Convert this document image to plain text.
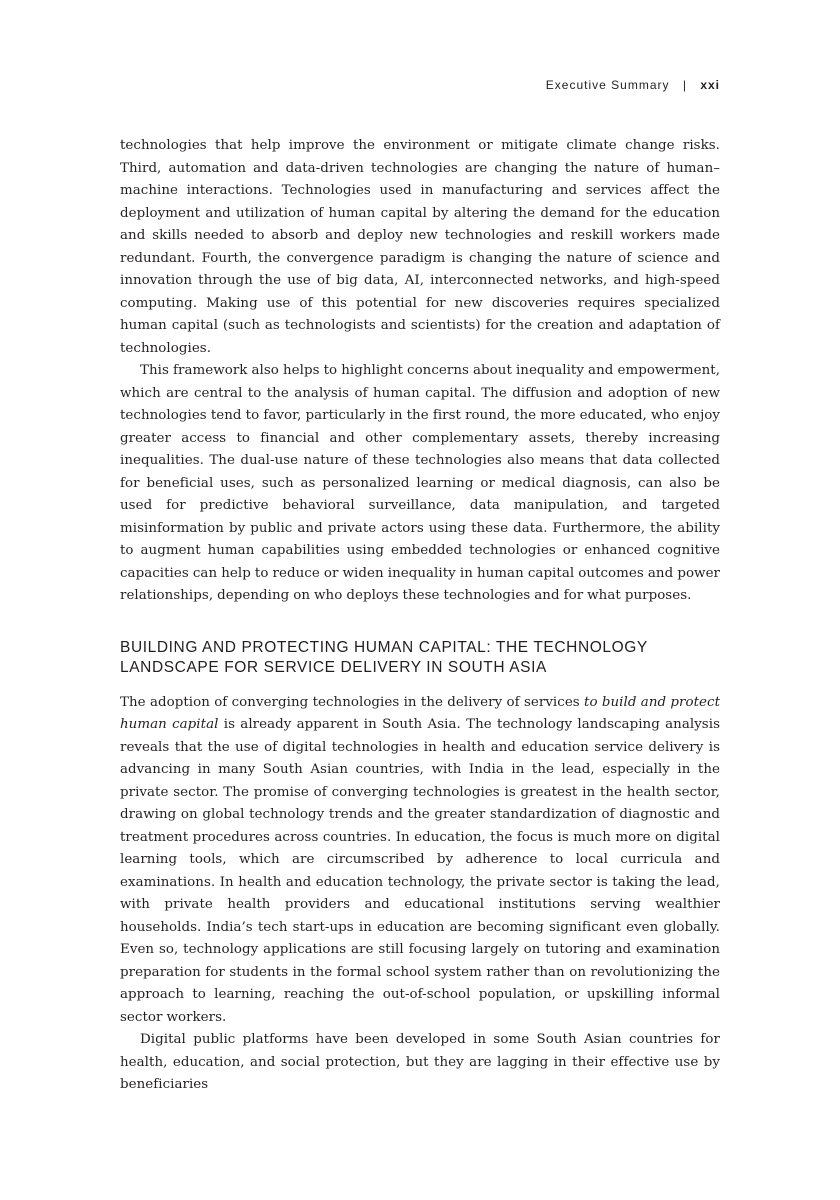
Executive Summary | xxi

technologies that help improve the environment or mitigate climate change risks. Third, automation and data-driven technologies are changing the nature of human–machine interactions. Technologies used in manufacturing and services affect the deployment and utilization of human capital by altering the demand for the education and skills needed to absorb and deploy new technologies and reskill workers made redundant. Fourth, the convergence paradigm is changing the nature of science and innovation through the use of big data, AI, interconnected networks, and high-speed computing. Making use of this potential for new discoveries requires specialized human capital (such as technologists and scientists) for the creation and adaptation of technologies.

This framework also helps to highlight concerns about inequality and empowerment, which are central to the analysis of human capital. The diffusion and adoption of new technologies tend to favor, particularly in the first round, the more educated, who enjoy greater access to financial and other complementary assets, thereby increasing inequalities. The dual-use nature of these technologies also means that data collected for beneficial uses, such as personalized learning or medical diagnosis, can also be used for predictive behavioral surveillance, data manipulation, and targeted misinformation by public and private actors using these data. Furthermore, the ability to augment human capabilities using embedded technologies or enhanced cognitive capacities can help to reduce or widen inequality in human capital outcomes and power relationships, depending on who deploys these technologies and for what purposes.

BUILDING AND PROTECTING HUMAN CAPITAL: THE TECHNOLOGY
LANDSCAPE FOR SERVICE DELIVERY IN SOUTH ASIA

The adoption of converging technologies in the delivery of services to build and protect human capital is already apparent in South Asia. The technology landscaping analysis reveals that the use of digital technologies in health and education service delivery is advancing in many South Asian countries, with India in the lead, especially in the private sector. The promise of converging technologies is greatest in the health sector, drawing on global technology trends and the greater standardization of diagnostic and treatment procedures across countries. In education, the focus is much more on digital learning tools, which are circumscribed by adherence to local curricula and examinations. In health and education technology, the private sector is taking the lead, with private health providers and educational institutions serving wealthier households. India’s tech start-ups in education are becoming significant even globally. Even so, technology applications are still focusing largely on tutoring and examination preparation for students in the formal school system rather than on revolutionizing the approach to learning, reaching the out-of-school population, or upskilling informal sector workers.

Digital public platforms have been developed in some South Asian countries for health, education, and social protection, but they are lagging in their effective use by beneficiaries
